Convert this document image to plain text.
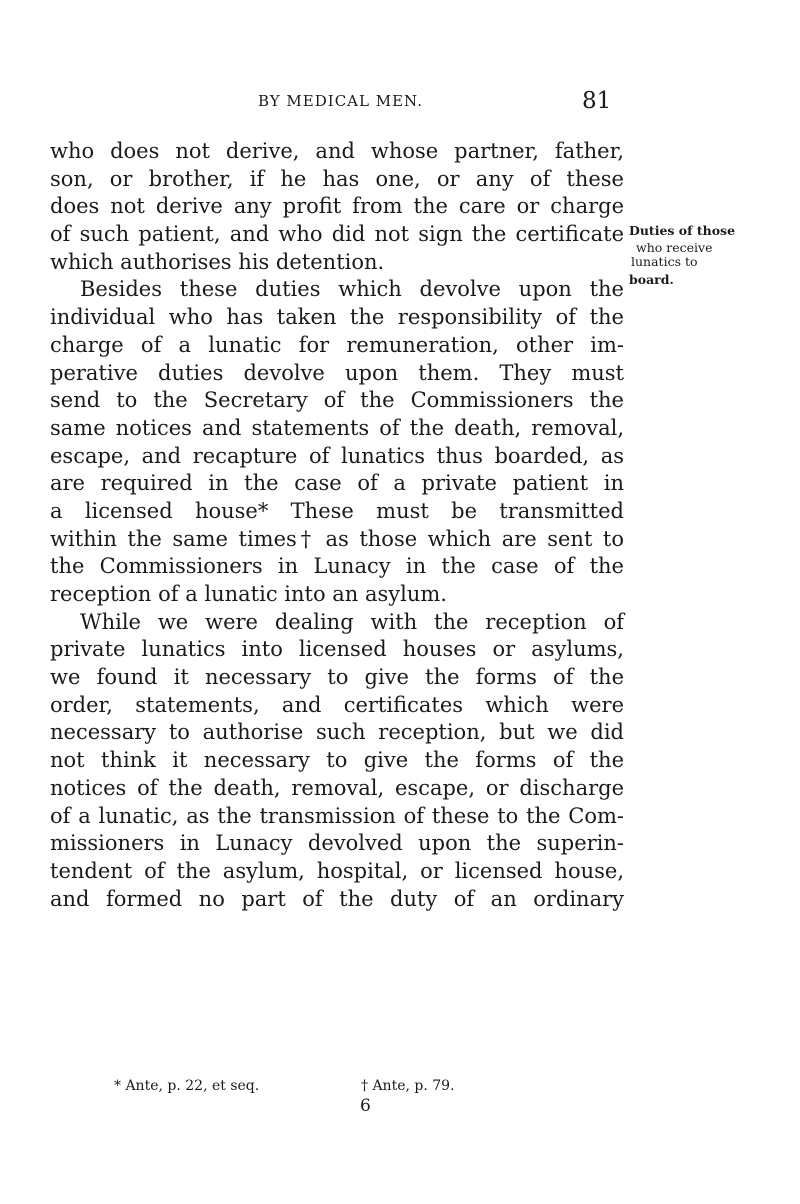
BY MEDICAL MEN.	81
who does not derive, and whose partner, father,
son, or brother, if he has one, or any of these
does not derive any profit from the care or charge
of such patient, and who did not sign the certificate
which authorises his detention.
Besides these duties which devolve upon the
individual who has taken the responsibility of the
charge of a lunatic for remuneration, other im-
perative duties devolve upon them. They must
send to the Secretary of the Commissioners the
same notices and statements of the death, removal,
escape, and recapture of lunatics thus boarded, as
are required in the case of a private patient in
a licensed house* These must be transmitted
within the same times† as those which are sent to
the Commissioners in Lunacy in the case of the
reception of a lunatic into an asylum.
While we were dealing with the reception of
private lunatics into licensed houses or asylums,
we found it necessary to give the forms of the
order, statements, and certificates which were
necessary to authorise such reception, but we did
not think it necessary to give the forms of the
notices of the death, removal, escape, or discharge
of a lunatic, as the transmission of these to the Com-
missioners in Lunacy devolved upon the superin-
tendent of the asylum, hospital, or licensed house,
and formed no part of the duty of an ordinary
Duties of those
who receive
lunatics to
board.
* Ante, p. 22, et seq.	† Ante, p. 79.
6
